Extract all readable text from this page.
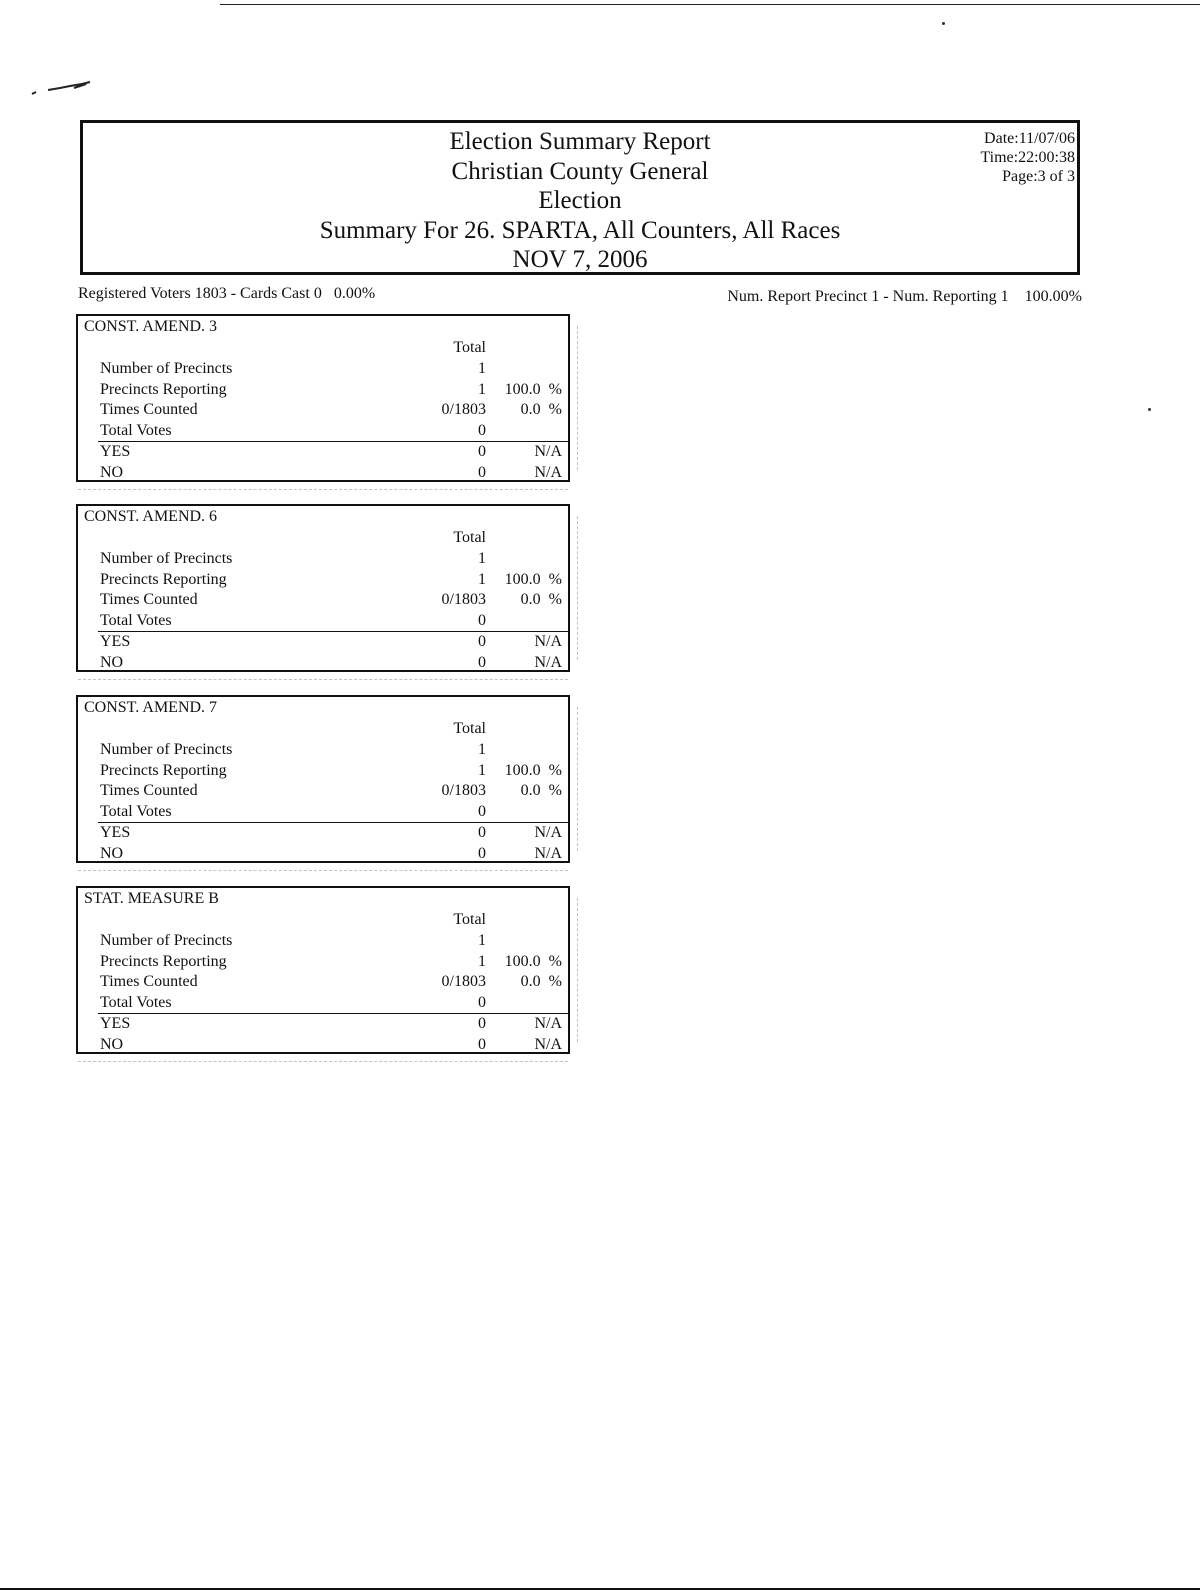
Election Summary Report
Christian County General
Election
Summary For 26. SPARTA, All Counters, All Races
NOV 7, 2006
Date:11/07/06
Time:22:00:38
Page:3 of 3
Registered Voters 1803 - Cards Cast 0   0.00%	Num. Report Precinct 1 - Num. Reporting 1    100.00%
CONST. AMEND. 3
Total
Number of Precincts	1
Precincts Reporting	1 100.0  %
Times Counted	0/1803 0.0  %
Total Votes	0
YES	0	N/A
NO	0	N/A
CONST. AMEND. 6
Total
Number of Precincts	1
Precincts Reporting	1 100.0  %
Times Counted	0/1803 0.0  %
Total Votes	0
YES	0	N/A
NO	0	N/A
CONST. AMEND. 7
Total
Number of Precincts	1
Precincts Reporting	1 100.0  %
Times Counted	0/1803 0.0  %
Total Votes	0
YES	0	N/A
NO	0	N/A
STAT. MEASURE B
Total
Number of Precincts	1
Precincts Reporting	1 100.0  %
Times Counted	0/1803 0.0  %
Total Votes	0
YES	0	N/A
NO	0	N/A
